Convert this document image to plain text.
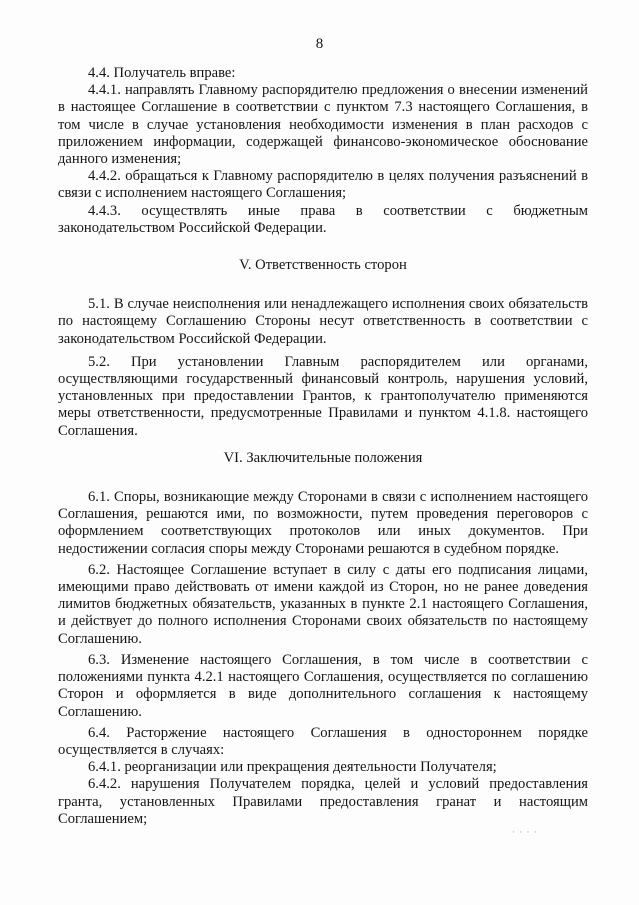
8

4.4. Получатель вправе:

4.4.1. направлять Главному распорядителю предложения о внесении изменений в настоящее Соглашение в соответствии с пунктом 7.3 настоящего Соглашения, в том числе в случае установления необходимости изменения в план расходов с приложением информации, содержащей финансово-экономическое обоснование данного изменения;

4.4.2. обращаться к Главному распорядителю в целях получения разъяснений в связи с исполнением настоящего Соглашения;

4.4.3. осуществлять иные права в соответствии с бюджетным законодательством Российской Федерации.

V. Ответственность сторон

5.1. В случае неисполнения или ненадлежащего исполнения своих обязательств по настоящему Соглашению Стороны несут ответственность в соответствии с законодательством Российской Федерации.

5.2. При установлении Главным распорядителем или органами, осуществляющими государственный финансовый контроль, нарушения условий, установленных при предоставлении Грантов, к грантополучателю применяются меры ответственности, предусмотренные Правилами и пунктом 4.1.8. настоящего Соглашения.

VI. Заключительные положения

6.1. Споры, возникающие между Сторонами в связи с исполнением настоящего Соглашения, решаются ими, по возможности, путем проведения переговоров с оформлением соответствующих протоколов или иных документов. При недостижении согласия споры между Сторонами решаются в судебном порядке.

6.2. Настоящее Соглашение вступает в силу с даты его подписания лицами, имеющими право действовать от имени каждой из Сторон, но не ранее доведения лимитов бюджетных обязательств, указанных в пункте 2.1 настоящего Соглашения, и действует до полного исполнения Сторонами своих обязательств по настоящему Соглашению.

6.3. Изменение настоящего Соглашения, в том числе в соответствии с положениями пункта 4.2.1 настоящего Соглашения, осуществляется по соглашению Сторон и оформляется в виде дополнительного соглашения к настоящему Соглашению.

6.4. Расторжение настоящего Соглашения в одностороннем порядке осуществляется в случаях:

6.4.1. реорганизации или прекращения деятельности Получателя;

6.4.2. нарушения Получателем порядка, целей и условий предоставления гранта, установленных Правилами предоставления гранат и настоящим Соглашением;

· · · ·
